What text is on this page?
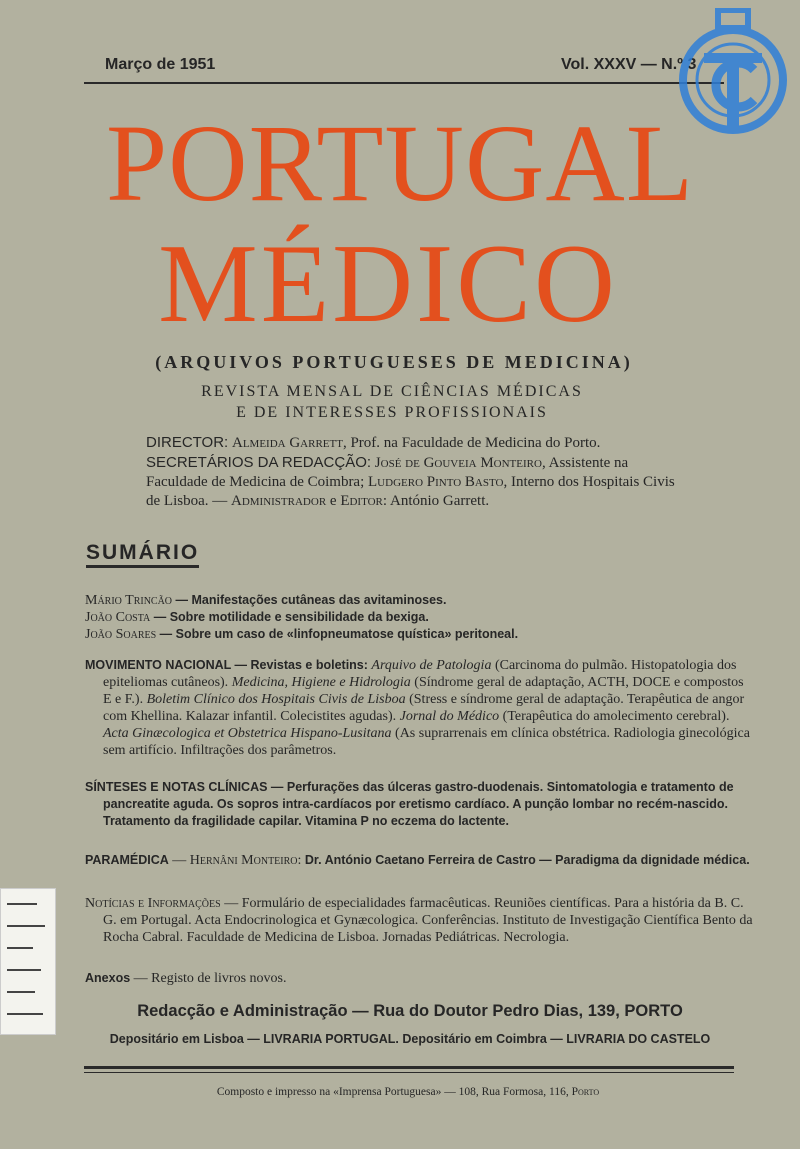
Março de 1951	Vol. XXXV — N.º 3
PORTUGAL
MÉDICO
(ARQUIVOS PORTUGUESES DE MEDICINA)
REVISTA MENSAL DE CIÊNCIAS MÉDICAS
E DE INTERESSES PROFISSIONAIS
DIRECTOR: Almeida Garrett, Prof. na Faculdade de Medicina do Porto. SECRETÁRIOS DA REDACÇÃO: José de Gouveia Monteiro, Assistente na Faculdade de Medicina de Coimbra; Ludgero Pinto Basto, Interno dos Hospitais Civis de Lisboa. — Administrador e Editor: António Garrett.
SUMÁRIO
Mário Trincão — Manifestações cutâneas das avitaminoses.
João Costa — Sobre motilidade e sensibilidade da bexiga.
João Soares — Sobre um caso de «linfopneumatose quística» peritoneal.
MOVIMENTO NACIONAL — Revistas e boletins: Arquivo de Patologia (Carcinoma do pulmão. Histopatologia dos epiteliomas cutâneos). Medicina, Higiene e Hidrologia (Síndrome geral de adaptação, ACTH, DOCE e compostos E e F.). Boletim Clínico dos Hospitais Civis de Lisboa (Stress e síndrome geral de adaptação. Terapêutica de angor com Khellina. Kalazar infantil. Colecistites agudas). Jornal do Médico (Terapêutica do amolecimento cerebral). Acta Ginæcologica et Obstetrica Hispano-Lusitana (As suprarrenais em clínica obstétrica. Radiologia ginecológica sem artifício. Infiltrações dos parâmetros.
SÍNTESES E NOTAS CLÍNICAS — Perfurações das úlceras gastro-duodenais. Sintomatologia e tratamento de pancreatite aguda. Os sopros intra-cardíacos por eretismo cardíaco. A punção lombar no recém-nascido. Tratamento da fragilidade capilar. Vitamina P no eczema do lactente.
PARAMÉDICA — Hernâni Monteiro: Dr. António Caetano Ferreira de Castro — Paradigma da dignidade médica.
Notícias e Informações — Formulário de especialidades farmacêuticas. Reuniões científicas. Para a história da B. C. G. em Portugal. Acta Endocrinologica et Gynæcologica. Conferências. Instituto de Investigação Científica Bento da Rocha Cabral. Faculdade de Medicina de Lisboa. Jornadas Pediátricas. Necrologia.
Anexos — Registo de livros novos.
Redacção e Administração — Rua do Doutor Pedro Dias, 139, PORTO
Depositário em Lisboa — LIVRARIA PORTUGAL. Depositário em Coimbra — LIVRARIA DO CASTELO
Composto e impresso na «Imprensa Portuguesa» — 108, Rua Formosa, 116, Porto
